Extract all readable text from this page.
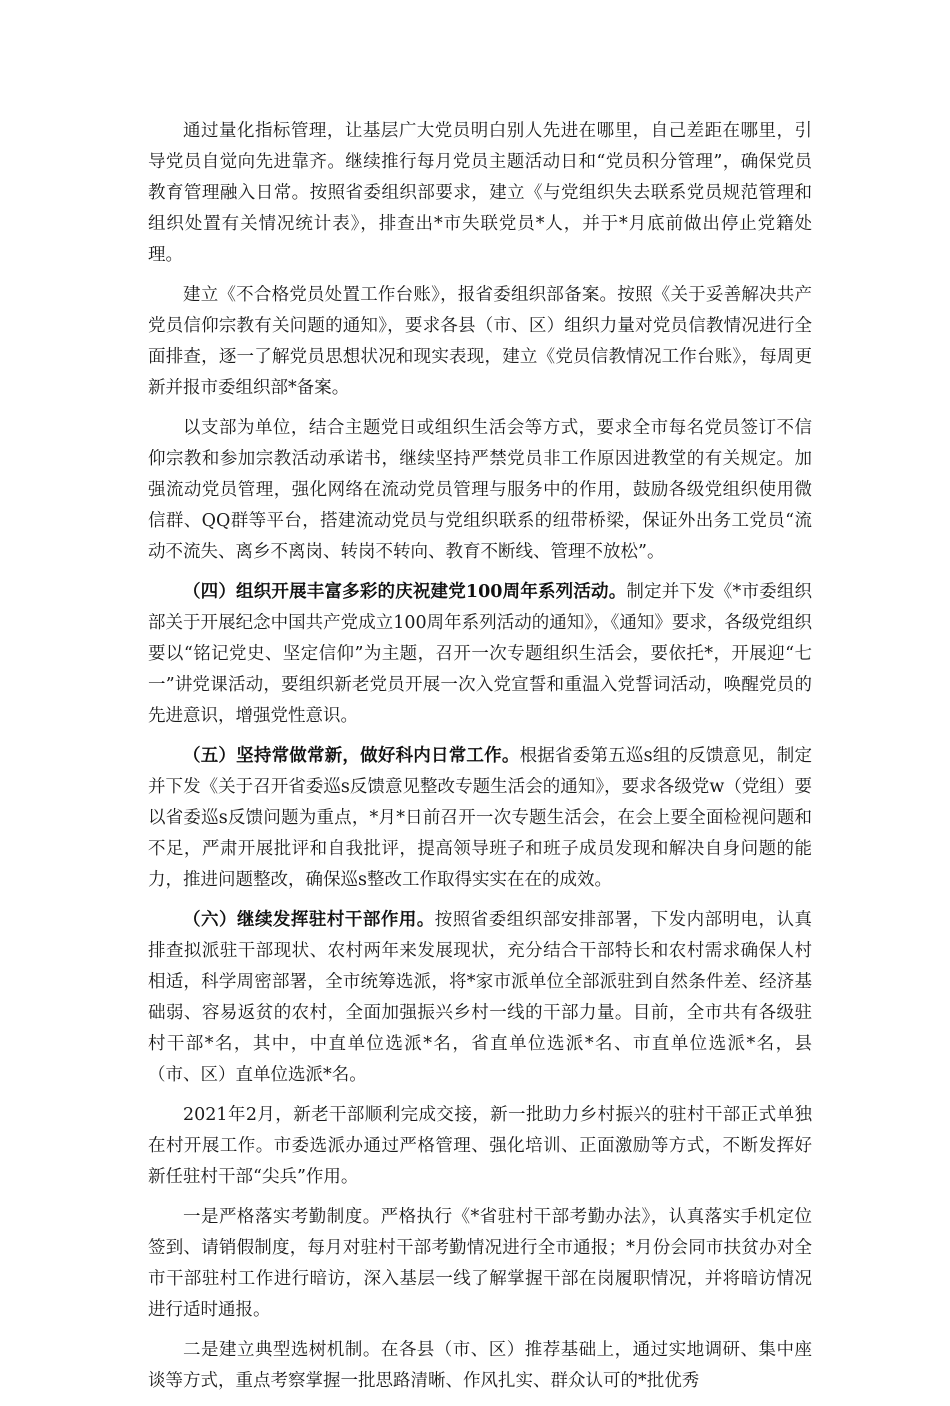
通过量化指标管理，让基层广大党员明白别人先进在哪里，自己差距在哪里，引导党员自觉向先进靠齐。继续推行每月党员主题活动日和“党员积分管理”，确保党员教育管理融入日常。按照省委组织部要求，建立《与党组织失去联系党员规范管理和组织处置有关情况统计表》，排查出*市失联党员*人，并于*月底前做出停止党籍处理。

建立《不合格党员处置工作台账》，报省委组织部备案。按照《关于妥善解决共产党员信仰宗教有关问题的通知》，要求各县（市、区）组织力量对党员信教情况进行全面排查，逐一了解党员思想状况和现实表现，建立《党员信教情况工作台账》，每周更新并报市委组织部*备案。

以支部为单位，结合主题党日或组织生活会等方式，要求全市每名党员签订不信仰宗教和参加宗教活动承诺书，继续坚持严禁党员非工作原因进教堂的有关规定。加强流动党员管理，强化网络在流动党员管理与服务中的作用，鼓励各级党组织使用微信群、QQ群等平台，搭建流动党员与党组织联系的纽带桥梁，保证外出务工党员“流动不流失、离乡不离岗、转岗不转向、教育不断线、管理不放松”。

（四）组织开展丰富多彩的庆祝建党100周年系列活动。制定并下发《*市委组织部关于开展纪念中国共产党成立100周年系列活动的通知》，《通知》要求，各级党组织要以“铭记党史、坚定信仰”为主题，召开一次专题组织生活会，要依托*，开展迎“七一”讲党课活动，要组织新老党员开展一次入党宣誓和重温入党誓词活动，唤醒党员的先进意识，增强党性意识。

（五）坚持常做常新，做好科内日常工作。根据省委第五巡s组的反馈意见，制定并下发《关于召开省委巡s反馈意见整改专题生活会的通知》，要求各级党w（党组）要以省委巡s反馈问题为重点，*月*日前召开一次专题生活会，在会上要全面检视问题和不足，严肃开展批评和自我批评，提高领导班子和班子成员发现和解决自身问题的能力，推进问题整改，确保巡s整改工作取得实实在在的成效。

（六）继续发挥驻村干部作用。按照省委组织部安排部署，下发内部明电，认真排查拟派驻干部现状、农村两年来发展现状，充分结合干部特长和农村需求确保人村相适，科学周密部署，全市统筹选派，将*家市派单位全部派驻到自然条件差、经济基础弱、容易返贫的农村，全面加强振兴乡村一线的干部力量。目前，全市共有各级驻村干部*名，其中，中直单位选派*名，省直单位选派*名、市直单位选派*名，县（市、区）直单位选派*名。

2021年2月，新老干部顺利完成交接，新一批助力乡村振兴的驻村干部正式单独在村开展工作。市委选派办通过严格管理、强化培训、正面激励等方式，不断发挥好新任驻村干部“尖兵”作用。

一是严格落实考勤制度。严格执行《*省驻村干部考勤办法》，认真落实手机定位签到、请销假制度，每月对驻村干部考勤情况进行全市通报；*月份会同市扶贫办对全市干部驻村工作进行暗访，深入基层一线了解掌握干部在岗履职情况，并将暗访情况进行适时通报。

二是建立典型选树机制。在各县（市、区）推荐基础上，通过实地调研、集中座谈等方式，重点考察掌握一批思路清晰、作风扎实、群众认可的*批优秀
